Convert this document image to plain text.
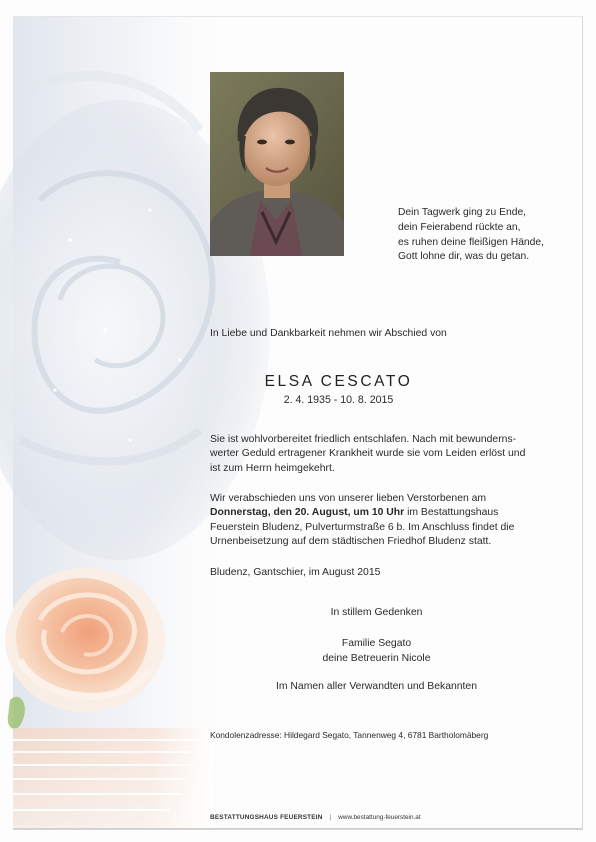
Dein Tagwerk ging zu Ende,
dein Feierabend rückte an,
es ruhen deine fleißigen Hände,
Gott lohne dir, was du getan.
In Liebe und Dankbarkeit nehmen wir Abschied von
ELSA CESCATO
2. 4. 1935 - 10. 8. 2015
Sie ist wohlvorbereitet friedlich entschlafen. Nach mit bewunderns-
werter Geduld ertragener Krankheit wurde sie vom Leiden erlöst und
ist zum Herrn heimgekehrt.
Wir verabschieden uns von unserer lieben Verstorbenen am
Donnerstag, den 20. August, um 10 Uhr im Bestattungshaus
Feuerstein Bludenz, Pulverturmstraße 6 b. Im Anschluss findet die
Urnenbeisetzung auf dem städtischen Friedhof Bludenz statt.
Bludenz, Gantschier, im August 2015
In stillem Gedenken
Familie Segato
deine Betreuerin Nicole
Im Namen aller Verwandten und Bekannten
Kondolenzadresse: Hildegard Segato, Tannenweg 4, 6781 Bartholomäberg
BESTATTUNGSHAUS FEUERSTEIN | www.bestattung-feuerstein.at
